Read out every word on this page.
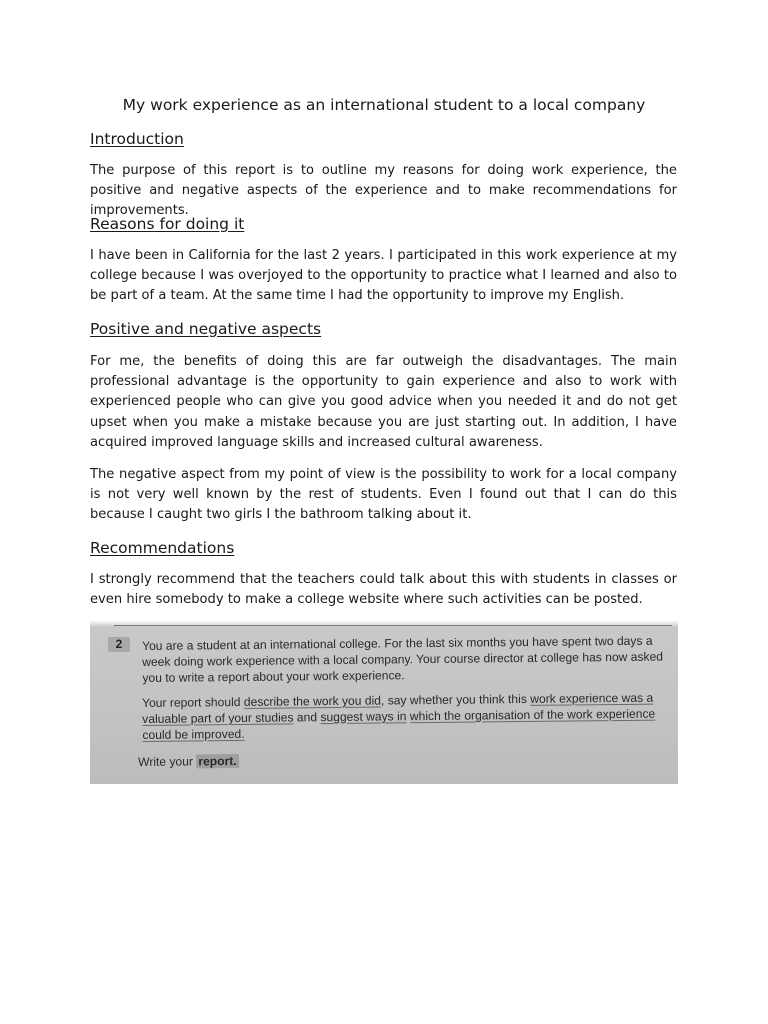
My work experience as an international student to a local company
Introduction

The purpose of this report is to outline my reasons for doing work experience, the positive and negative aspects of the experience and to make recommendations for improvements.

Reasons for doing it

I have been in California for the last 2 years. I participated in this work experience at my college because I was overjoyed to the opportunity to practice what I learned and also to be part of a team. At the same time I had the opportunity to improve my English.

Positive and negative aspects

For me, the benefits of doing this are far outweigh the disadvantages. The main professional advantage is the opportunity to gain experience and also to work with experienced people who can give you good advice when you needed it and do not get upset when you make a mistake because you are just starting out. In addition, I have acquired improved language skills and increased cultural awareness.

The negative aspect from my point of view is the possibility to work for a local company is not very well known by the rest of students. Even I found out that I can do this because I caught two girls I the bathroom talking about it.

Recommendations

I strongly recommend that the teachers could talk about this with students in classes or even hire somebody to make a college website where such activities can be posted.

2	You are a student at an international college. For the last six months you have spent two days a week doing work experience with a local company. Your course director at college has now asked you to write a report about your work experience.

Your report should describe the work you did, say whether you think this work experience was a valuable part of your studies and suggest ways in which the organisation of the work experience could be improved.

Write your report.
